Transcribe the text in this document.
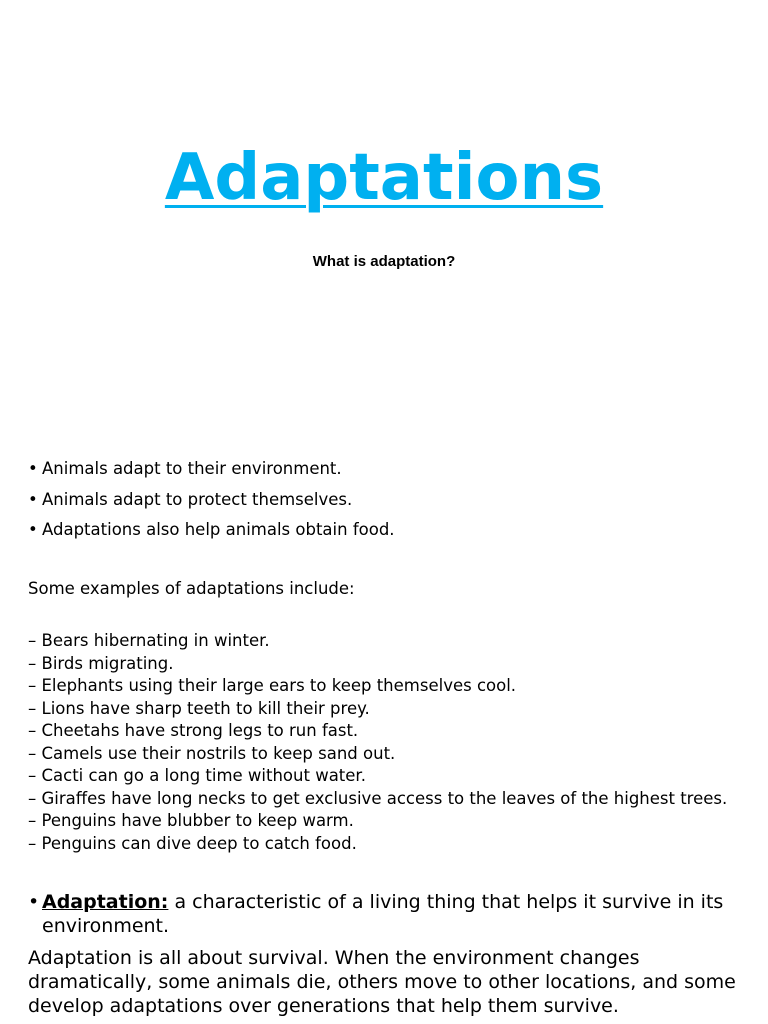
Adaptations
What is adaptation?
• Animals adapt to their environment.
• Animals adapt to protect themselves.
• Adaptations also help animals obtain food.
Some examples of adaptations include:
– Bears hibernating in winter.
– Birds migrating.
– Elephants using their large ears to keep themselves cool.
– Lions have sharp teeth to kill their prey.
– Cheetahs have strong legs to run fast.
– Camels use their nostrils to keep sand out.
– Cacti can go a long time without water.
– Giraffes have long necks to get exclusive access to the leaves of the highest trees.
– Penguins have blubber to keep warm.
– Penguins can dive deep to catch food.
• Adaptation: a characteristic of a living thing that helps it survive in its environment.
Adaptation is all about survival. When the environment changes dramatically, some animals die, others move to other locations, and some develop adaptations over generations that help them survive.
